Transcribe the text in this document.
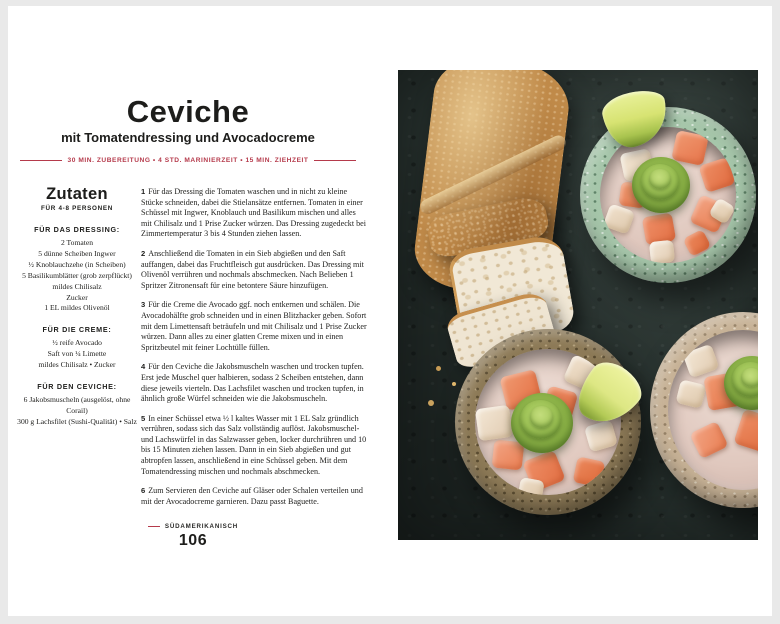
Ceviche
mit Tomatendressing und Avocadocreme
30 MIN. ZUBEREITUNG • 4 STD. MARINIERZEIT • 15 MIN. ZIEHZEIT
Zutaten
FÜR 4-8 PERSONEN
FÜR DAS DRESSING:

2 Tomaten

5 dünne Scheiben Ingwer

½ Knoblauchzehe (in Scheiben)

5 Basilikumblätter (grob zerpflückt)

mildes Chilisalz

Zucker

1 EL mildes Olivenöl

FÜR DIE CREME:

½ reife Avocado

Saft von ¼ Limette

mildes Chilisalz • Zucker

FÜR DEN CEVICHE:

6 Jakobsmuscheln (ausgelöst, ohne Corail)

300 g Lachsfilet (Sushi-Qualität) • Salz

1 Für das Dressing die Tomaten waschen und in nicht zu kleine Stücke schneiden, dabei die Stielansätze entfernen. Tomaten in einer Schüssel mit Ingwer, Knoblauch und Basilikum mischen und alles mit Chilisalz und 1 Prise Zucker würzen. Das Dressing zugedeckt bei Zimmertemperatur 3 bis 4 Stunden ziehen lassen.

2 Anschließend die Tomaten in ein Sieb abgießen und den Saft auffangen, dabei das Fruchtfleisch gut ausdrücken. Das Dressing mit Olivenöl verrühren und nochmals abschmecken. Nach Belieben 1 Spritzer Zitronensaft für eine betontere Säure hinzufügen.

3 Für die Creme die Avocado ggf. noch entkernen und schälen. Die Avocadohälfte grob schneiden und in einen Blitzhacker geben. Sofort mit dem Limettensaft beträufeln und mit Chilisalz und 1 Prise Zucker würzen. Dann alles zu einer glatten Creme mixen und in einen Spritzbeutel mit feiner Lochtülle füllen.

4 Für den Ceviche die Jakobsmuscheln waschen und trocken tupfen. Erst jede Muschel quer halbieren, sodass 2 Scheiben entstehen, dann diese jeweils vierteln. Das Lachsfilet waschen und trocken tupfen, in ähnlich große Würfel schneiden wie die Jakobsmuscheln.

5 In einer Schüssel etwa ½ l kaltes Wasser mit 1 EL Salz gründlich verrühren, sodass sich das Salz vollständig auflöst. Jakobsmuschel- und Lachswürfel in das Salzwasser geben, locker durchrühren und 10 bis 15 Minuten ziehen lassen. Dann in ein Sieb abgießen und gut abtropfen lassen, anschließend in eine Schüssel geben. Mit dem Tomatendressing mischen und nochmals abschmecken.

6 Zum Servieren den Ceviche auf Gläser oder Schalen verteilen und mit der Avocadocreme garnieren. Dazu passt Baguette.

SÜDAMERIKANISCH
106
